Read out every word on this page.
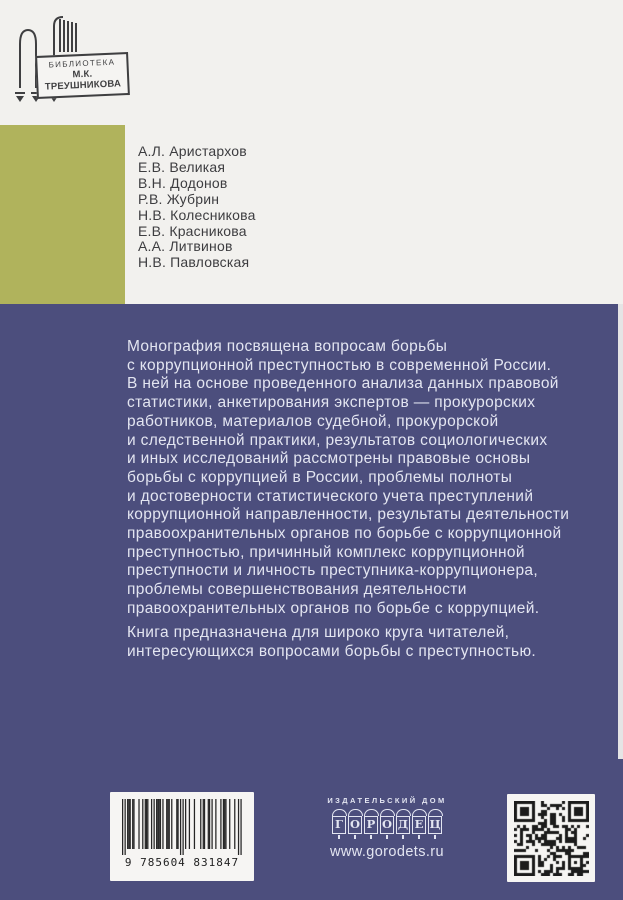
БИБЛИОТЕКА
М.К. ТРЕУШНИКОВА
А.Л. Аристархов
Е.В. Великая
В.Н. Додонов
Р.В. Жубрин
Н.В. Колесникова
Е.В. Красникова
А.А. Литвинов
Н.В. Павловская
Монография посвящена вопросам борьбы
с коррупционной преступностью в современной России.
В ней на основе проведенного анализа данных правовой
статистики, анкетирования экспертов — прокурорских
работников, материалов судебной, прокурорской
и следственной практики, результатов социологических
и иных исследований рассмотрены правовые основы
борьбы с коррупцией в России, проблемы полноты
и достоверности статистического учета преступлений
коррупционной направленности, результаты деятельности
правоохранительных органов по борьбе с коррупционной
преступностью, причинный комплекс коррупционной
преступности и личность преступника-коррупционера,
проблемы совершенствования деятельности
правоохранительных органов по борьбе с коррупцией.
Книга предназначена для широко круга читателей,
интересующихся вопросами борьбы с преступностью.
9 785604 831847
ИЗДАТЕЛЬСКИЙ ДОМ
Г О Р О Д Е Ц
www.gorodets.ru
